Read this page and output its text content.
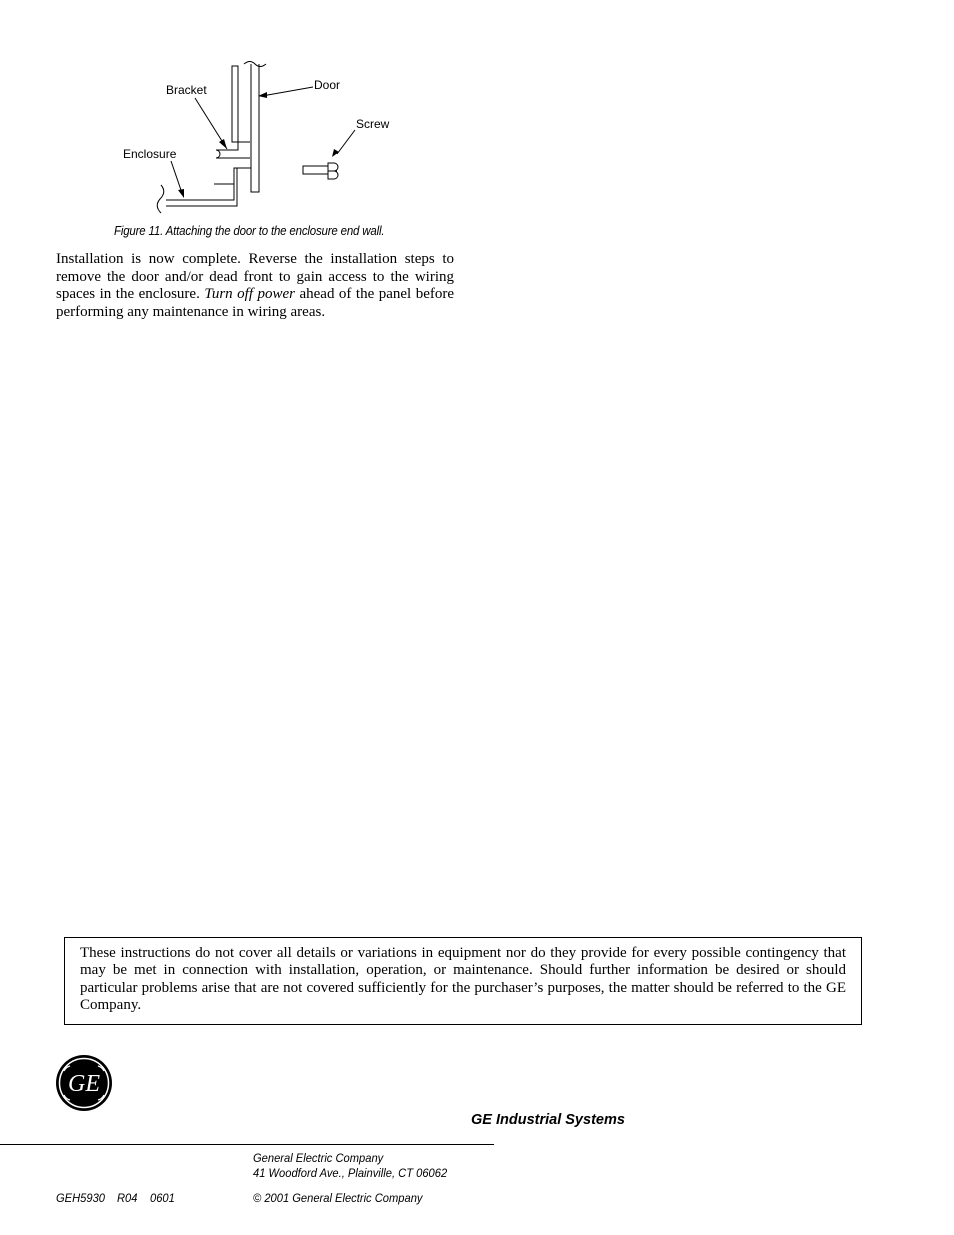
Bracket	Door
Screw
Enclosure
Figure 11. Attaching the door to the enclosure end wall.

Installation is now complete. Reverse the installation steps to remove the door and/or dead front to gain access to the wiring spaces in the enclosure. Turn off power ahead of the panel before performing any maintenance in wiring areas.

These instructions do not cover all details or variations in equipment nor do they provide for every possible contingency that may be met in connection with installation, operation, or maintenance. Should further information be desired or should particular problems arise that are not covered sufficiently for the purchaser’s purposes, the matter should be referred to the GE Company.

GE
GE Industrial Systems
General Electric Company
41 Woodford Ave., Plainville, CT 06062
GEH5930 R04 0601	© 2001 General Electric Company
